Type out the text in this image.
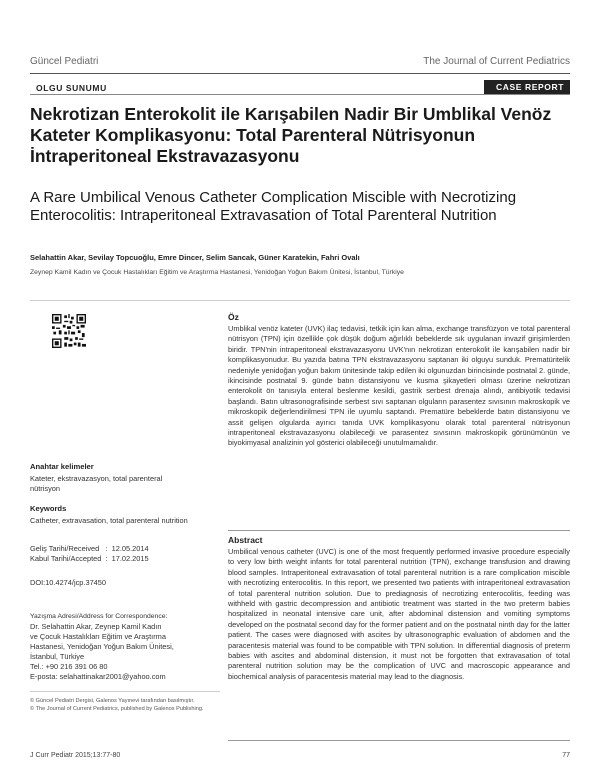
Güncel Pediatri	The Journal of Current Pediatrics
OLGU SUNUMU	CASE REPORT
Nekrotizan Enterokolit ile Karışabilen Nadir Bir Umblikal Venöz Kateter Komplikasyonu: Total Parenteral Nütrisyonun İntraperitoneal Ekstravazasyonu
A Rare Umbilical Venous Catheter Complication Miscible with Necrotizing Enterocolitis: Intraperitoneal Extravasation of Total Parenteral Nutrition
Selahattin Akar, Sevilay Topcuoğlu, Emre Dincer, Selim Sancak, Güner Karatekin, Fahri Ovalı
Zeynep Kamil Kadın ve Çocuk Hastalıkları Eğitim ve Araştırma Hastanesi, Yenidoğan Yoğun Bakım Ünitesi, İstanbul, Türkiye
Anahtar kelimeler
Kateter, ekstravazasyon, total parenteral nütrisyon
Keywords
Catheter, extravasation, total parenteral nutrition
Geliş Tarihi/Received   :  12.05.2014
Kabul Tarihi/Accepted  :  17.02.2015
DOI:10.4274/jcp.37450
Yazışma Adresi/Address for Correspondence:
Dr. Selahattin Akar, Zeynep Kamil Kadın
ve Çocuk Hastalıkları Eğitim ve Araştırma
Hastanesi, Yenidoğan Yoğun Bakım Ünitesi,
İstanbul, Türkiye
Tel.: +90 216 391 06 80
E-posta: selahattinakar2001@yahoo.com
© Güncel Pediatri Dergisi, Galenos Yayınevi tarafından basılmıştır.
© The Journal of Current Pediatrics, published by Galenos Publishing.
Öz
Umblikal venöz kateter (UVK) ilaç tedavisi, tetkik için kan alma, exchange transfüzyon ve total parenteral nütrisyon (TPN) için özellikle çok düşük doğum ağırlıklı bebeklerde sık uygulanan invazif girişimlerden biridir. TPN'nin intraperitoneal ekstravazasyonu UVK'nın nekrotizan enterokolit ile karışabilen nadir bir komplikasyonudur. Bu yazıda batına TPN ekstravazasyonu saptanan iki olguyu sunduk. Prematüritelik nedeniyle yenidoğan yoğun bakım ünitesinde takip edilen iki olgunuzdan birincisinde postnatal 2. günde, ikincisinde postnatal 9. günde batın distansiyonu ve kusma şikayetleri olması üzerine nekrotizan enterokolit ön tanısıyla enteral beslenme kesildi, gastrik serbest drenaja alındı, antibiyotik tedavisi başlandı. Batın ultrasonografisinde serbest sıvı saptanan olguların parasentez sıvısının makroskopik ve mikroskopik değerlendirilmesi TPN ile uyumlu saptandı. Prematüre bebeklerde batın distansiyonu ve assit gelişen olgularda ayırıcı tanıda UVK komplikasyonu olarak total parenteral nütrisyonun intraperitoneal ekstravazasyonu olabileceği ve parasentez sıvısının makroskopik görünümünün ve biyokimyasal analizinin yol gösterici olabileceği unutulmamalıdır.
Abstract
Umbilical venous catheter (UVC) is one of the most frequently performed invasive procedure especially to very low birth weight infants for total parenteral nutrition (TPN), exchange transfusion and drawing blood samples. Intraperitoneal extravasation of total parenteral nutrition is a rare complication miscible with necrotizing enterocolitis. In this report, we presented two patients with intraperitoneal extravasation of total parenteral nutrition solution. Due to prediagnosis of necrotizing enterocolitis, feeding was withheld with gastric decompression and antibiotic treatment was started in the two preterm babies hospitalized in neonatal intensive care unit, after abdominal distension and vomiting symptoms developed on the postnatal second day for the former patient and on the postnatal ninth day for the latter patient. The cases were diagnosed with ascites by ultrasonographic evaluation of abdomen and the paracentesis material was found to be compatible with TPN solution. In differential diagnosis of preterm babies with ascites and abdominal distension, it must not be forgotten that extravasation of total parenteral nutrition solution may be the complication of UVC and macroscopic appearance and biochemical analysis of paracentesis material may lead to the diagnosis.
J Curr Pediatr 2015;13:77-80	77
